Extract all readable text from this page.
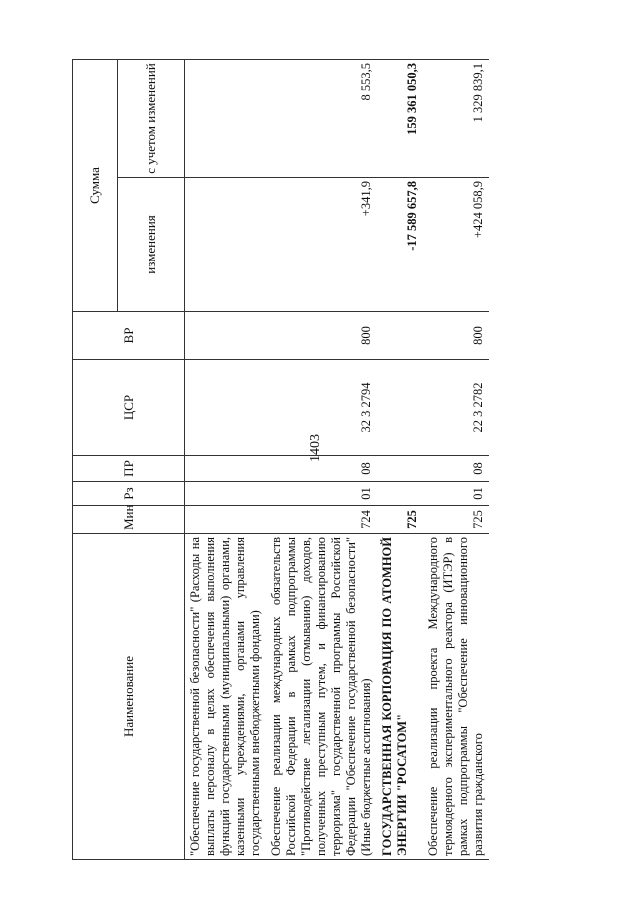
1403
Наименование	Мин	Рз	ПР	ЦСР	ВР	Сумма	
						изменения	с учетом изменений
"Обеспечение государственной безопасности" (Расходы на выплаты персоналу в целях обеспечения выполнения функций государственными (муниципальными) органами, казенными учреждениями, органами управления государственными внебюджетными фондами)							
Обеспечение реализации международных обязательств Российской Федерации в рамках подпрограммы "Противодействие легализации (отмыванию) доходов, полученных преступным путем, и финансированию терроризма" государственной программы Российской Федерации "Обеспечение государственной безопасности" (Иные бюджетные ассигнования)	724	01	08	32 3 2794	800	+341,9	8 553,5
ГОСУДАРСТВЕННАЯ КОРПОРАЦИЯ ПО АТОМНОЙ ЭНЕРГИИ "РОСАТОМ"	725					-17 589 657,8	159 361 050,3
Обеспечение реализации проекта Международного термоядерного экспериментального реактора (ИТЭР) в рамках подпрограммы "Обеспечение инновационного развития гражданского	725	01	08	22 3 2782	800	+424 058,9	1 329 839,1
